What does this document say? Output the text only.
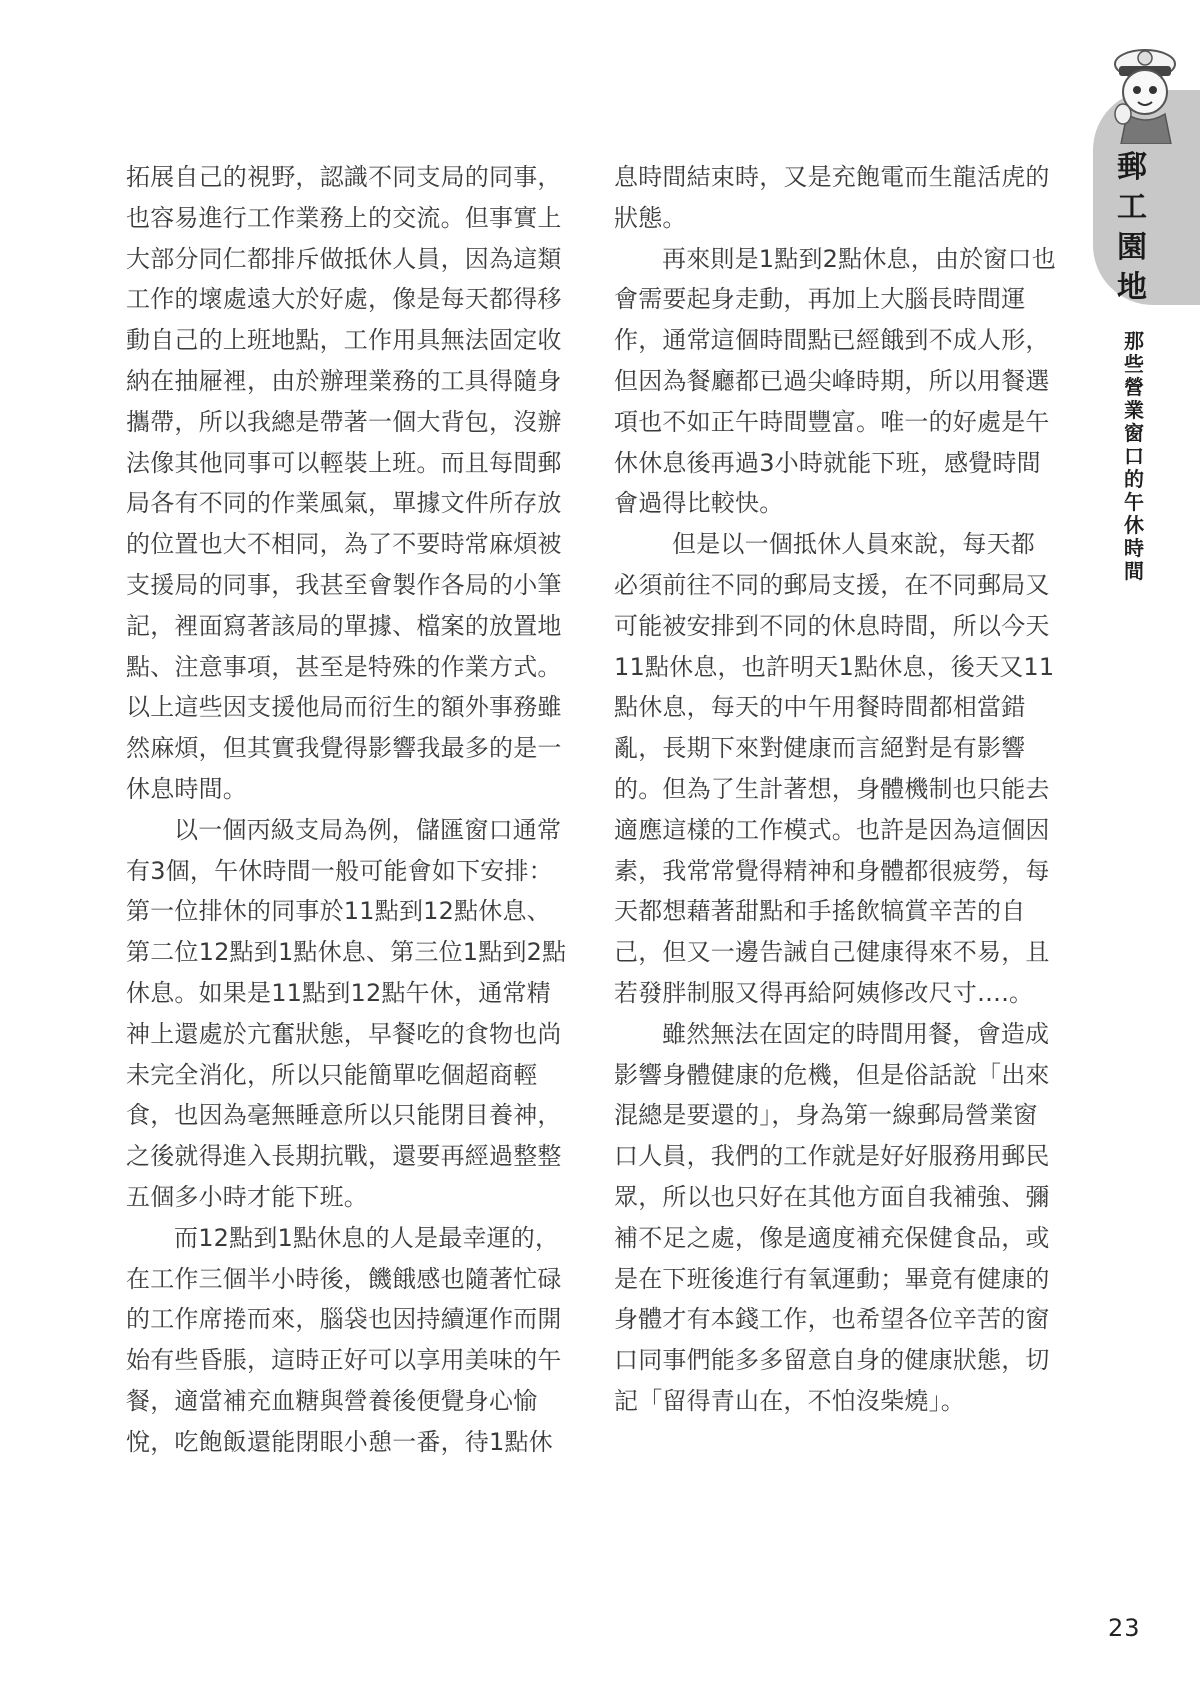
拓展自己的視野，認識不同支局的同事，也容易進行工作業務上的交流。但事實上大部分同仁都排斥做抵休人員，因為這類工作的壞處遠大於好處，像是每天都得移動自己的上班地點，工作用具無法固定收納在抽屜裡，由於辦理業務的工具得隨身攜帶，所以我總是帶著一個大背包，沒辦法像其他同事可以輕裝上班。而且每間郵局各有不同的作業風氣，單據文件所存放的位置也大不相同，為了不要時常麻煩被支援局的同事，我甚至會製作各局的小筆記，裡面寫著該局的單據、檔案的放置地點、注意事項，甚至是特殊的作業方式。以上這些因支援他局而衍生的額外事務雖然麻煩，但其實我覺得影響我最多的是一休息時間。

以一個丙級支局為例，儲匯窗口通常有3個，午休時間一般可能會如下安排：第一位排休的同事於11點到12點休息、第二位12點到1點休息、第三位1點到2點休息。如果是11點到12點午休，通常精神上還處於亢奮狀態，早餐吃的食物也尚未完全消化，所以只能簡單吃個超商輕食，也因為毫無睡意所以只能閉目養神，之後就得進入長期抗戰，還要再經過整整五個多小時才能下班。

而12點到1點休息的人是最幸運的，在工作三個半小時後，饑餓感也隨著忙碌的工作席捲而來，腦袋也因持續運作而開始有些昏脹，這時正好可以享用美味的午餐，適當補充血糖與營養後便覺身心愉悅，吃飽飯還能閉眼小憩一番，待1點休

息時間結束時，又是充飽電而生龍活虎的狀態。

再來則是1點到2點休息，由於窗口也會需要起身走動，再加上大腦長時間運作，通常這個時間點已經餓到不成人形，但因為餐廳都已過尖峰時期，所以用餐選項也不如正午時間豐富。唯一的好處是午休休息後再過3小時就能下班，感覺時間會過得比較快。

但是以一個抵休人員來說，每天都必須前往不同的郵局支援，在不同郵局又可能被安排到不同的休息時間，所以今天11點休息，也許明天1點休息，後天又11點休息，每天的中午用餐時間都相當錯亂，長期下來對健康而言絕對是有影響的。但為了生計著想，身體機制也只能去適應這樣的工作模式。也許是因為這個因素，我常常覺得精神和身體都很疲勞，每天都想藉著甜點和手搖飲犒賞辛苦的自己，但又一邊告誡自己健康得來不易，且若發胖制服又得再給阿姨修改尺寸….。

雖然無法在固定的時間用餐，會造成影響身體健康的危機，但是俗話說「出來混總是要還的」，身為第一線郵局營業窗口人員，我們的工作就是好好服務用郵民眾，所以也只好在其他方面自我補強、彌補不足之處，像是適度補充保健食品，或是在下班後進行有氧運動；畢竟有健康的身體才有本錢工作，也希望各位辛苦的窗口同事們能多多留意自身的健康狀態，切記「留得青山在，不怕沒柴燒」。

郵
工
園
地
那
些
營
業
窗
口
的
午
休
時
間
23
